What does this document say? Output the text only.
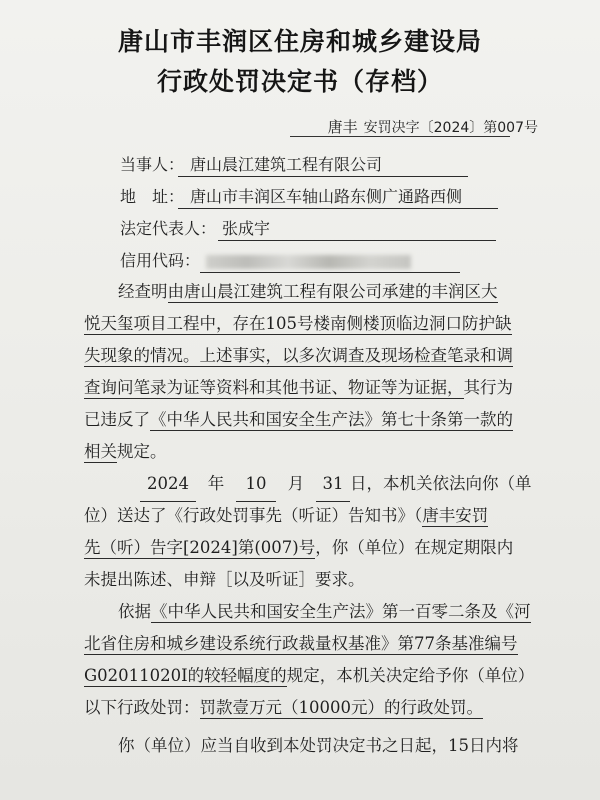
唐山市丰润区住房和城乡建设局
行政处罚决定书（存档）
唐丰 安罚决字〔2024〕第007号
当事人： 唐山晨江建筑工程有限公司
地　址： 唐山市丰润区车轴山路东侧广通路西侧
法定代表人： 张成宇
信用代码：
经查明由唐山晨江建筑工程有限公司承建的丰润区大
悦天玺项目工程中，存在105号楼南侧楼顶临边洞口防护缺
失现象的情况。上述事实，以多次调查及现场检查笔录和调
查询问笔录为证等资料和其他书证、物证等为证据，其行为
已违反了《中华人民共和国安全生产法》第七十条第一款的
相关规定。
2024 年 10 月 31 日，本机关依法向你（单
位）送达了《行政处罚事先（听证）告知书》（唐丰安罚
先（听）告字[2024]第(007)号，你（单位）在规定期限内
未提出陈述、申辩［以及听证］要求。
依据《中华人民共和国安全生产法》第一百零二条及《河
北省住房和城乡建设系统行政裁量权基准》第77条基准编号
G02011020I的较轻幅度的规定，本机关决定给予你（单位）
以下行政处罚：罚款壹万元（10000元）的行政处罚。
你（单位）应当自收到本处罚决定书之日起，15日内将
